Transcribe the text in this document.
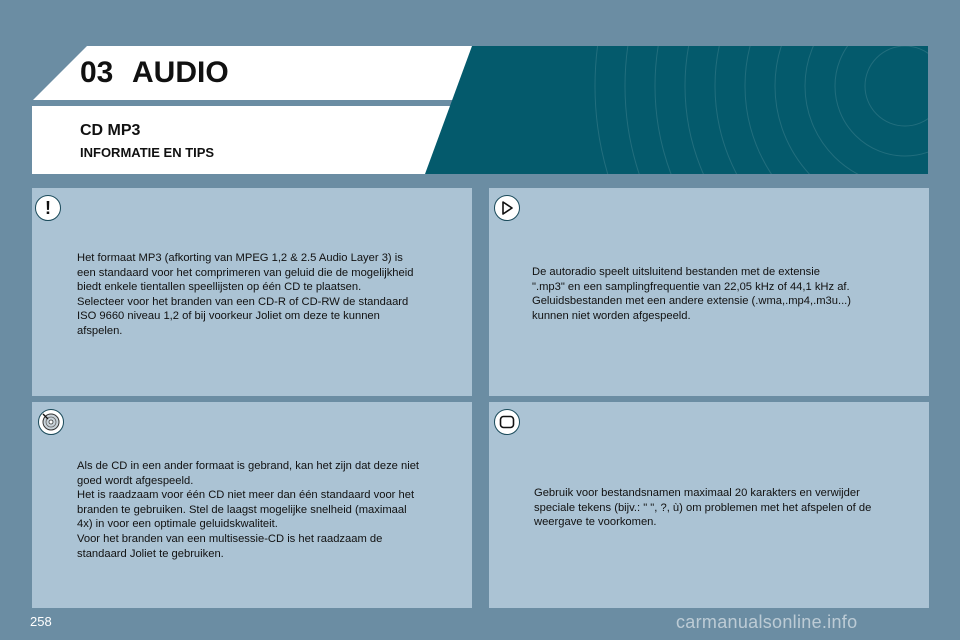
03 AUDIO
CD MP3
INFORMATIE EN TIPS
Het formaat MP3 (afkorting van MPEG 1,2 & 2.5 Audio Layer 3) is
een standaard voor het comprimeren van geluid die de mogelijkheid
biedt enkele tientallen speellijsten op één CD te plaatsen.
Selecteer voor het branden van een CD-R of CD-RW de standaard
ISO 9660 niveau 1,2 of bij voorkeur Joliet om deze te kunnen
afspelen.
De autoradio speelt uitsluitend bestanden met de extensie
".mp3" en een samplingfrequentie van 22,05 kHz of 44,1 kHz af.
Geluidsbestanden met een andere extensie (.wma,.mp4,.m3u...)
kunnen niet worden afgespeeld.
Als de CD in een ander formaat is gebrand, kan het zijn dat deze niet
goed wordt afgespeeld.
Het is raadzaam voor één CD niet meer dan één standaard voor het
branden te gebruiken. Stel de laagst mogelijke snelheid (maximaal
4x) in voor een optimale geluidskwaliteit.
Voor het branden van een multisessie-CD is het raadzaam de
standaard Joliet te gebruiken.
Gebruik voor bestandsnamen maximaal 20 karakters en verwijder
speciale tekens (bijv.: " ", ?, ù) om problemen met het afspelen of de
weergave te voorkomen.
!
258	carmanualsonline.info
